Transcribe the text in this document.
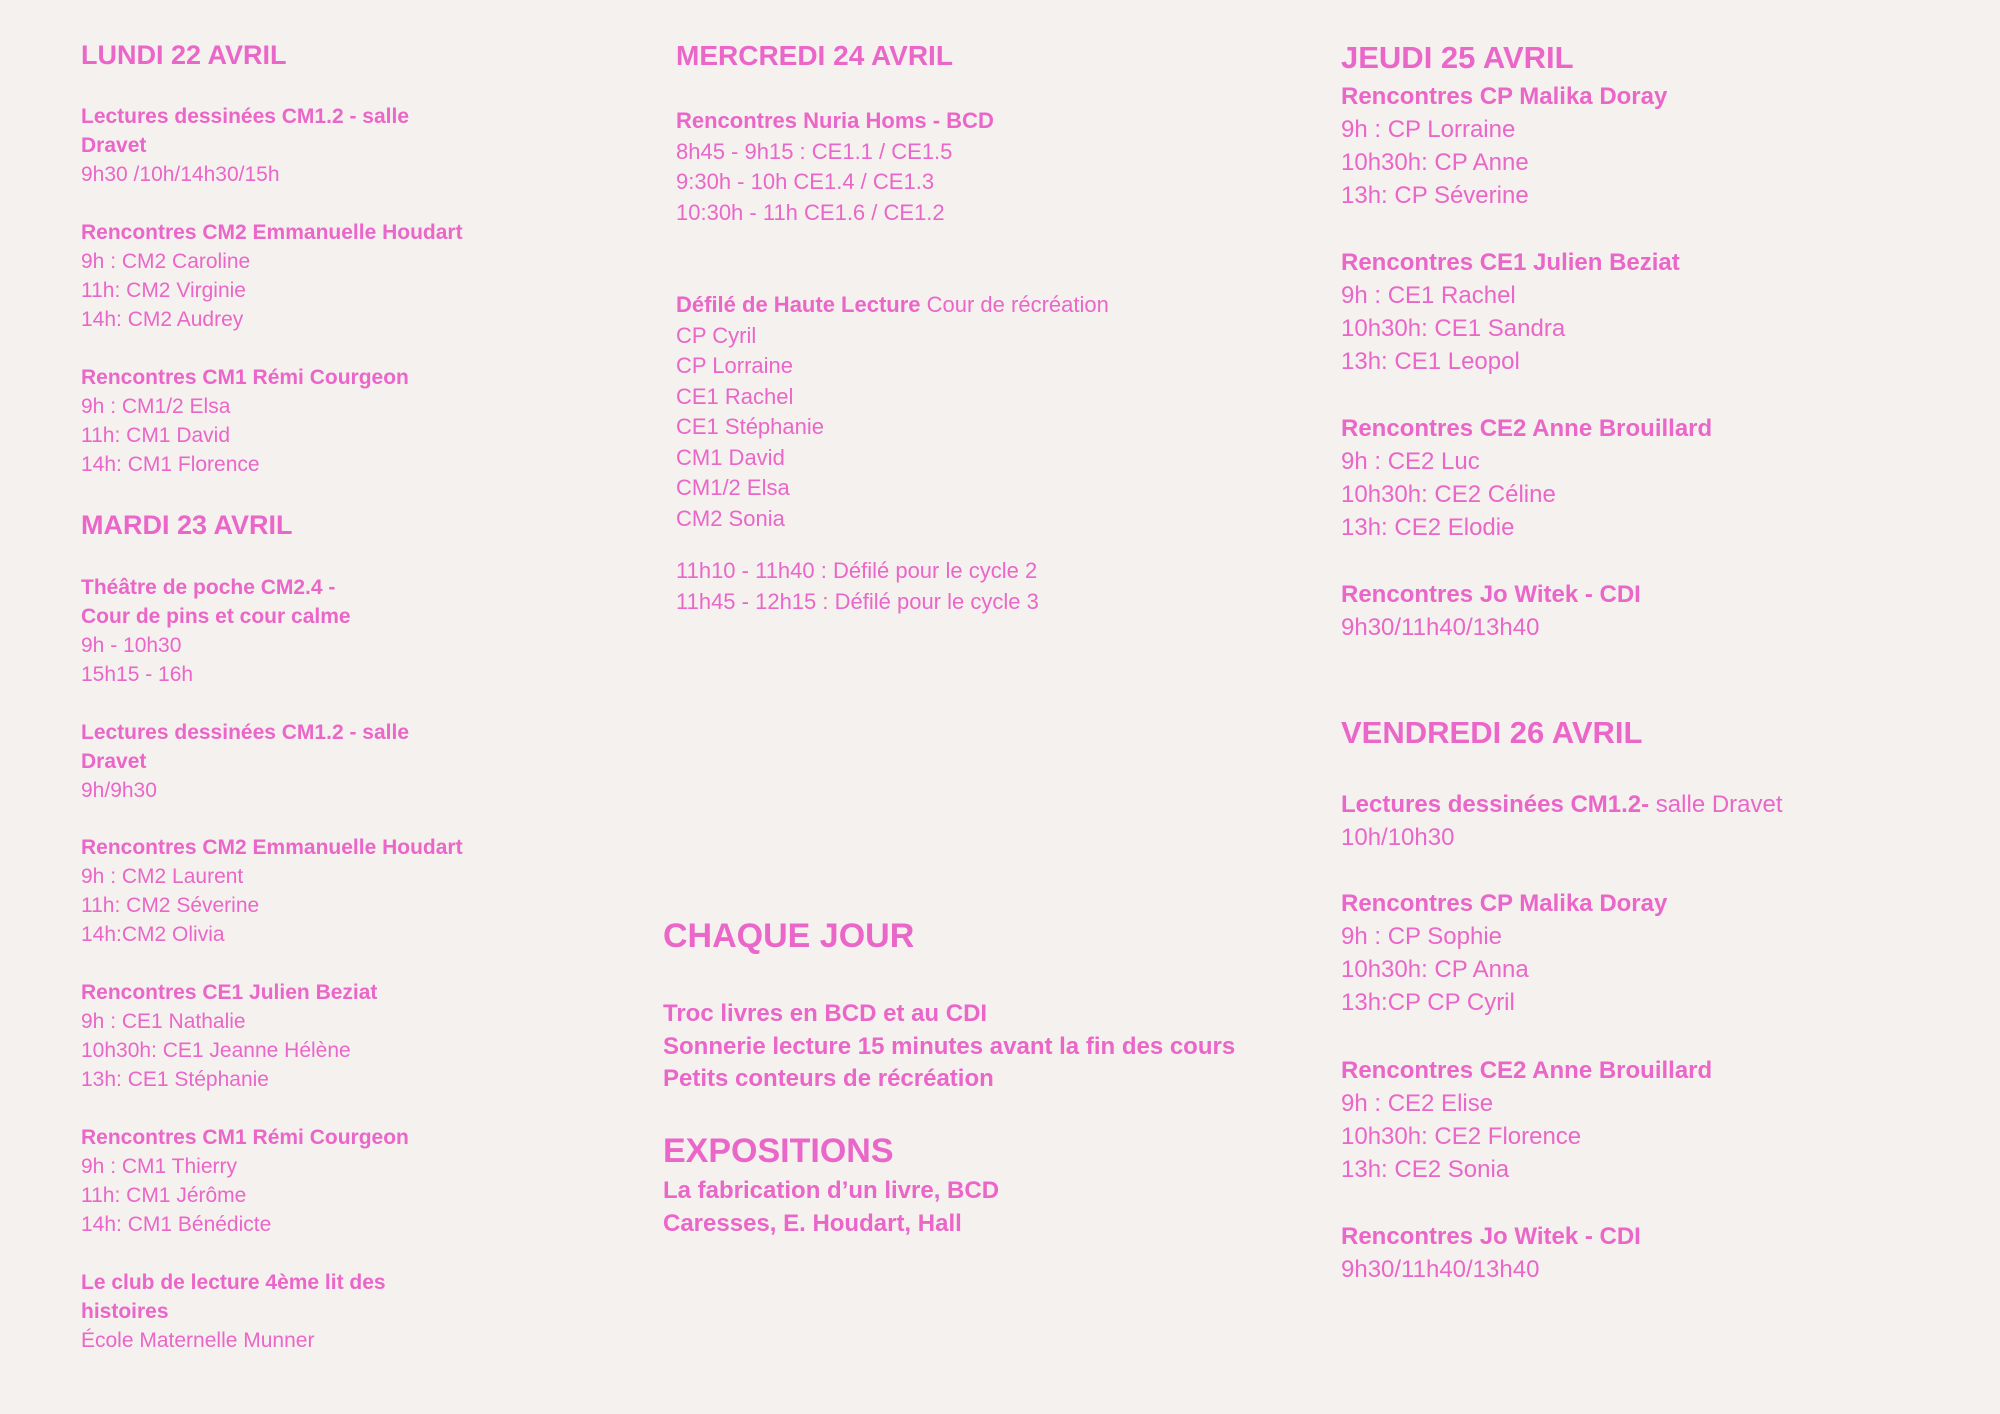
LUNDI 22 AVRIL
Lectures dessinées CM1.2 - salle
Dravet
9h30 /10h/14h30/15h
Rencontres CM2 Emmanuelle Houdart
9h : CM2 Caroline
11h: CM2 Virginie
14h: CM2 Audrey
Rencontres CM1 Rémi Courgeon
9h : CM1/2 Elsa
11h: CM1 David
14h: CM1 Florence
MARDI 23 AVRIL
Théâtre de poche CM2.4 -
Cour de pins et cour calme
9h - 10h30
15h15 - 16h
Lectures dessinées CM1.2 - salle
Dravet
9h/9h30
Rencontres CM2 Emmanuelle Houdart
9h : CM2 Laurent
11h: CM2 Séverine
14h:CM2 Olivia
Rencontres CE1 Julien Beziat
9h : CE1 Nathalie
10h30h: CE1 Jeanne Hélène
13h: CE1 Stéphanie
Rencontres CM1 Rémi Courgeon
9h : CM1 Thierry
11h: CM1 Jérôme
14h: CM1 Bénédicte
Le club de lecture 4ème lit des
histoires
École Maternelle Munner
MERCREDI 24 AVRIL
Rencontres Nuria Homs - BCD
8h45 - 9h15 : CE1.1 / CE1.5
9:30h - 10h CE1.4 / CE1.3
10:30h - 11h CE1.6 / CE1.2
Défilé de Haute Lecture Cour de récréation
CP Cyril
CP Lorraine
CE1 Rachel
CE1 Stéphanie
CM1 David
CM1/2 Elsa
CM2 Sonia
11h10 - 11h40 : Défilé pour le cycle 2
11h45 - 12h15 : Défilé pour le cycle 3
CHAQUE JOUR
Troc livres en BCD et au CDI
Sonnerie lecture 15 minutes avant la fin des cours
Petits conteurs de récréation
EXPOSITIONS
La fabrication d’un livre, BCD
Caresses, E. Houdart, Hall
JEUDI 25 AVRIL
Rencontres CP Malika Doray
9h : CP Lorraine
10h30h: CP Anne
13h: CP Séverine
Rencontres CE1 Julien Beziat
9h : CE1 Rachel
10h30h: CE1 Sandra
13h: CE1 Leopol
Rencontres CE2 Anne Brouillard
9h : CE2 Luc
10h30h: CE2 Céline
13h: CE2 Elodie
Rencontres Jo Witek - CDI
9h30/11h40/13h40
VENDREDI 26 AVRIL
Lectures dessinées CM1.2- salle Dravet
10h/10h30
Rencontres CP Malika Doray
9h : CP Sophie
10h30h: CP Anna
13h:CP CP Cyril
Rencontres CE2 Anne Brouillard
9h : CE2 Elise
10h30h: CE2 Florence
13h: CE2 Sonia
Rencontres Jo Witek - CDI
9h30/11h40/13h40
